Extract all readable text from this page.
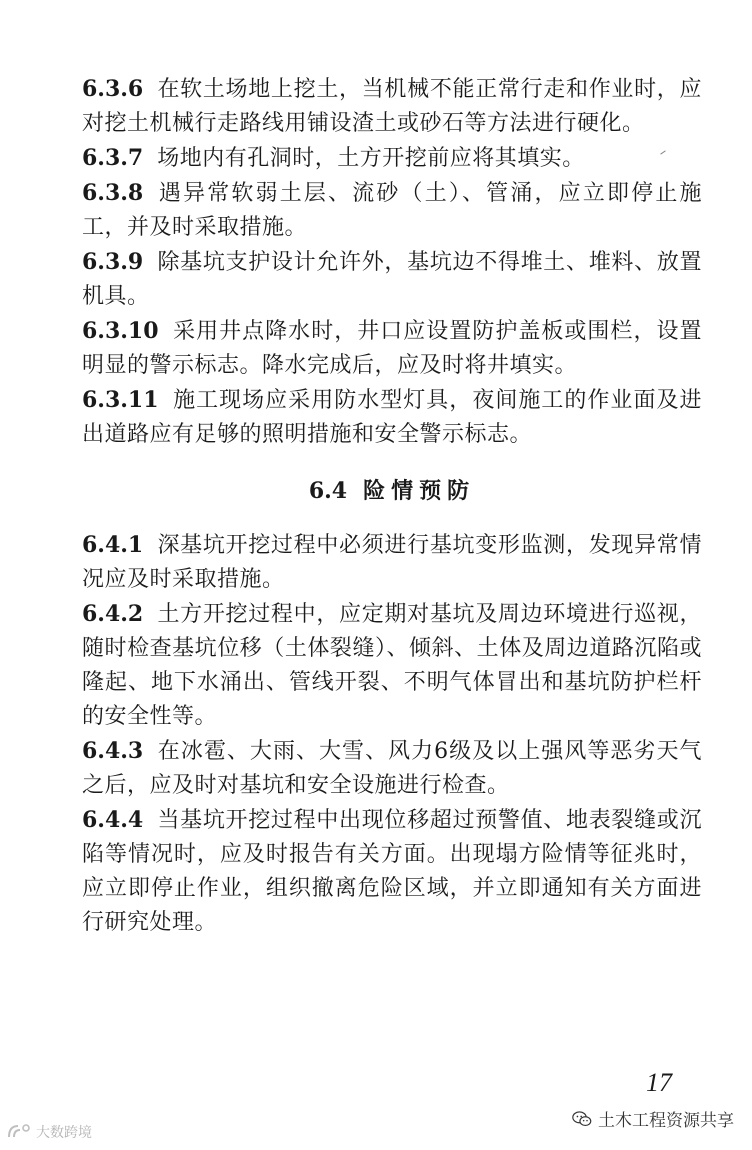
6.3.6 在软土场地上挖土，当机械不能正常行走和作业时，应对挖土机械行走路线用铺设渣土或砂石等方法进行硬化。

6.3.7 场地内有孔洞时，土方开挖前应将其填实。

6.3.8 遇异常软弱土层、流砂（土）、管涌，应立即停止施工，并及时采取措施。

6.3.9 除基坑支护设计允许外，基坑边不得堆土、堆料、放置机具。

6.3.10 采用井点降水时，井口应设置防护盖板或围栏，设置明显的警示标志。降水完成后，应及时将井填实。

6.3.11 施工现场应采用防水型灯具，夜间施工的作业面及进出道路应有足够的照明措施和安全警示标志。

6.4 险情预防

6.4.1 深基坑开挖过程中必须进行基坑变形监测，发现异常情况应及时采取措施。

6.4.2 土方开挖过程中，应定期对基坑及周边环境进行巡视，随时检查基坑位移（土体裂缝）、倾斜、土体及周边道路沉陷或隆起、地下水涌出、管线开裂、不明气体冒出和基坑防护栏杆的安全性等。

6.4.3 在冰雹、大雨、大雪、风力6级及以上强风等恶劣天气之后，应及时对基坑和安全设施进行检查。

6.4.4 当基坑开挖过程中出现位移超过预警值、地表裂缝或沉陷等情况时，应及时报告有关方面。出现塌方险情等征兆时，应立即停止作业，组织撤离危险区域，并立即通知有关方面进行研究处理。

17
土木工程资源共享
大数跨境
